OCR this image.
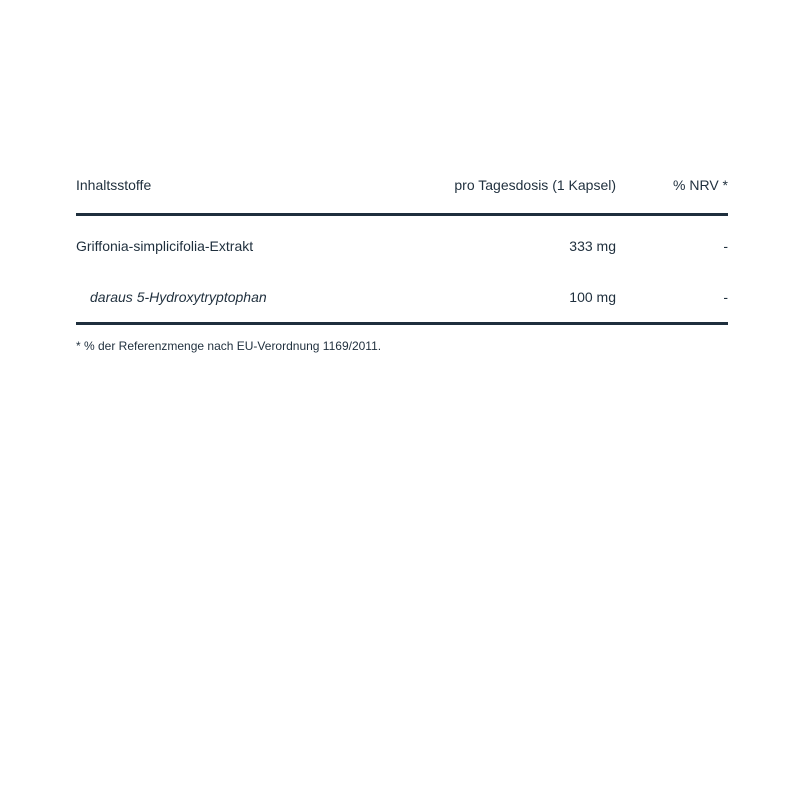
Inhaltsstoffe	pro Tagesdosis (1 Kapsel)	% NRV *
Griffonia-simplicifolia-Extrakt	333 mg	-
daraus 5-Hydroxytryptophan	100 mg	-
* % der Referenzmenge nach EU-Verordnung 1169/2011.
